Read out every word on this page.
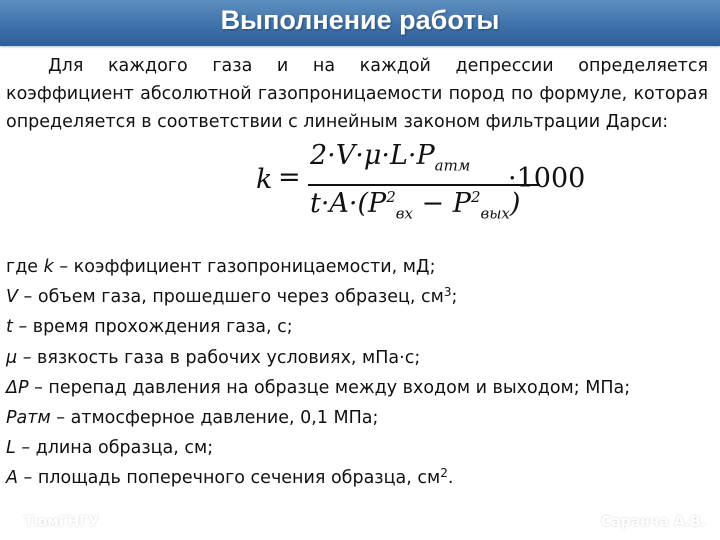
Выполнение работы

Для каждого газа и на каждой депрессии определяется коэффициент абсолютной газопроницаемости пород по формуле, которая определяется в соответствии с линейным законом фильтрации Дарси:

k =
$2\cdot V\cdot\mu\cdot L\cdot P_{атм}$
$t\cdot A\cdot(P^2_{вх} - P^2_{вых})$
·1000
где k – коэффициент газопроницаемости, мД;
V – объем газа, прошедшего через образец, $см^3$;
t – время прохождения газа, с;
μ – вязкость газа в рабочих условиях, мПа·с;
ΔP – перепад давления на образце между входом и выходом; МПа;
Pатм – атмосферное давление, 0,1 МПа;
L – длина образца, см;
A – площадь поперечного сечения образца, $см^2$.
ТюмГНГУ	Саранча А.В.
